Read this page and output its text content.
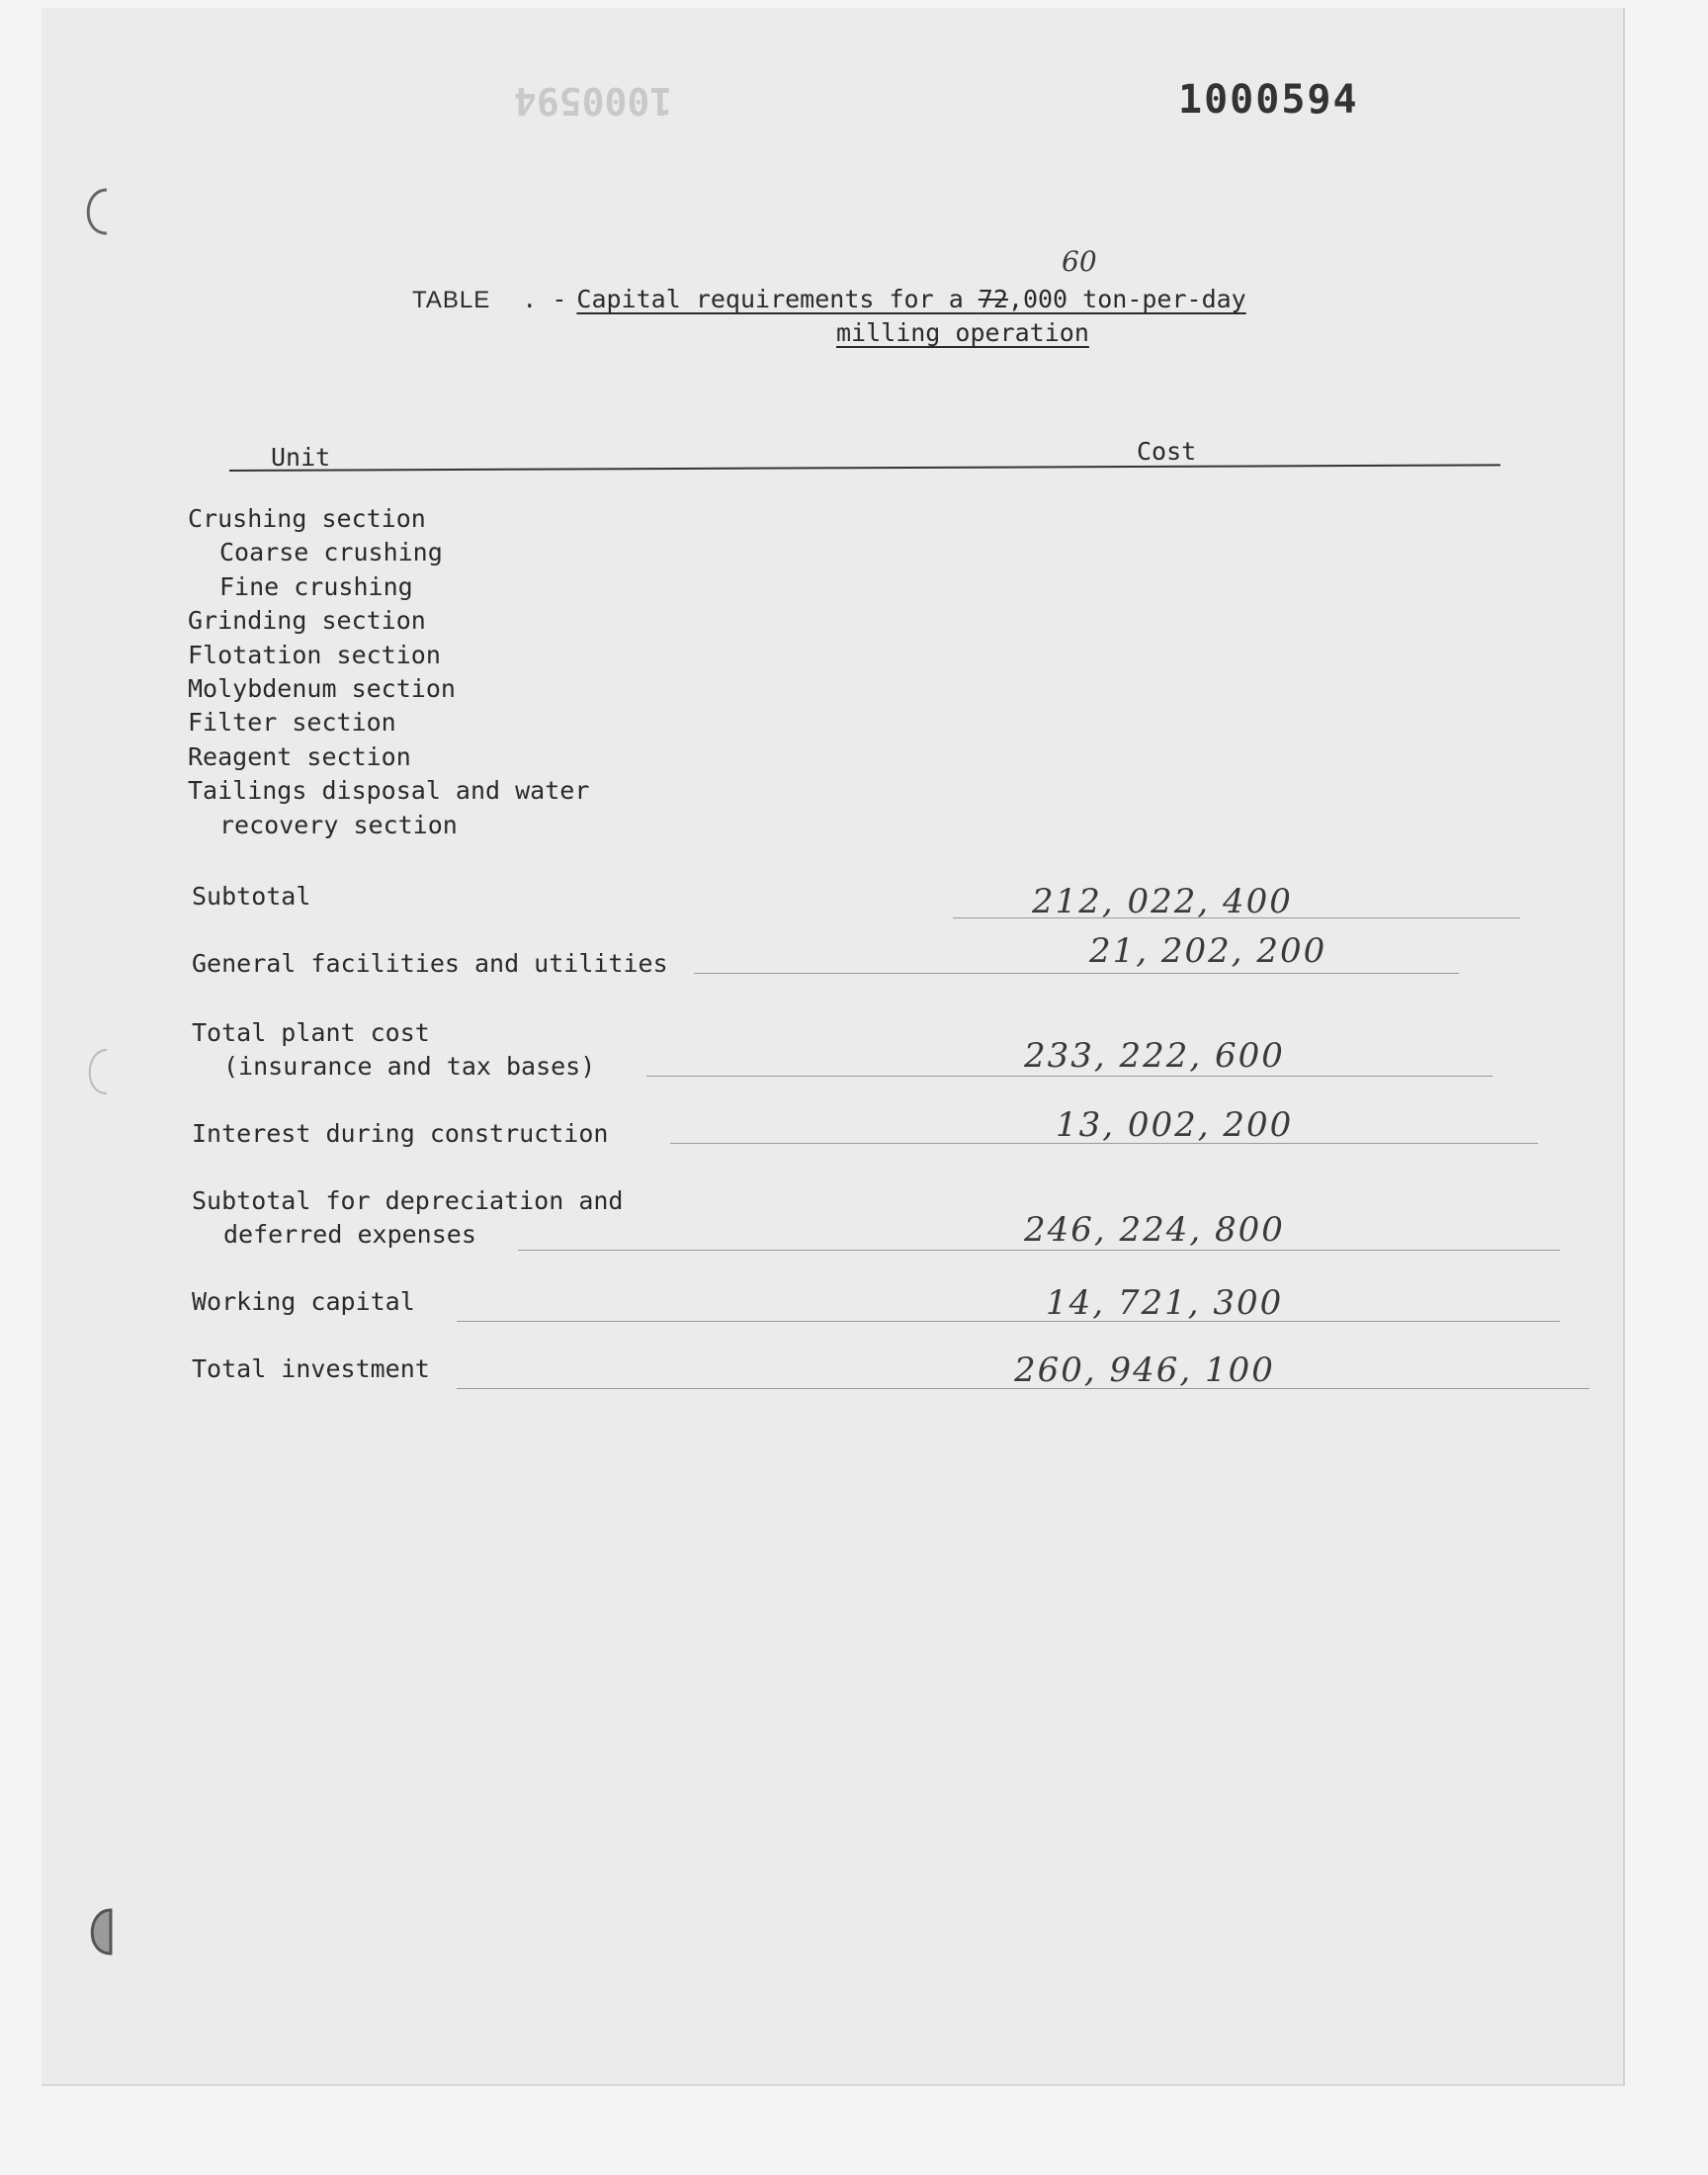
1000594	1000594
60
TABLE . - Capital requirements for a 72,000 ton-per-day
milling operation
Unit	Cost
Crushing section
Coarse crushing
Fine crushing
Grinding section
Flotation section
Molybdenum section
Filter section
Reagent section
Tailings disposal and water
recovery section
Subtotal	212, 022, 400
General facilities and utilities	21, 202, 200
Total plant cost
(insurance and tax bases)	233, 222, 600
Interest during construction	13, 002, 200
Subtotal for depreciation and
deferred expenses	246, 224, 800
Working capital	14, 721, 300
Total investment	260, 946, 100
